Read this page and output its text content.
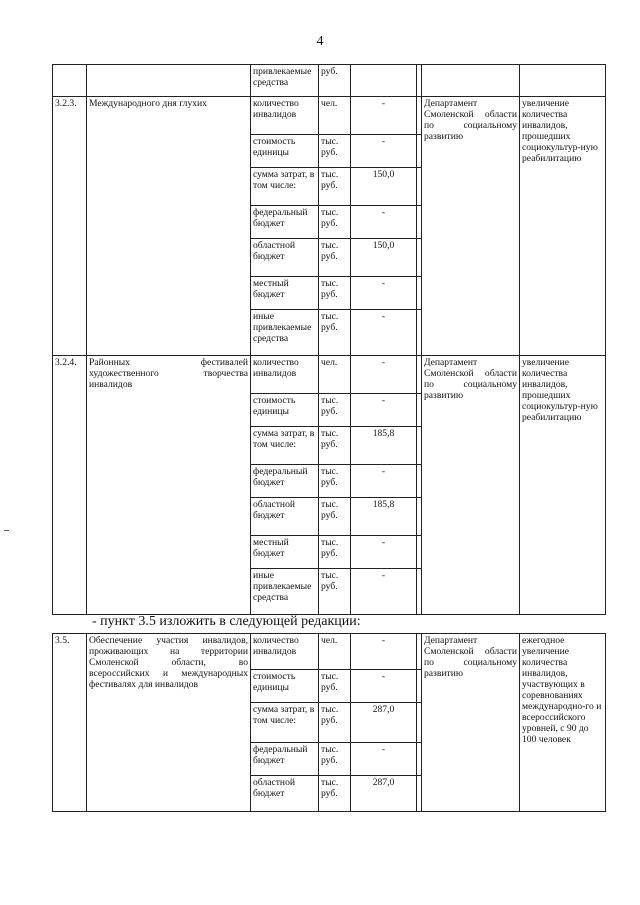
4
		привлекаемые средства	руб.				
3.2.3.	Международного дня глухих	количество инвалидов	чел.	-		Департамент Смоленской области по социальному развитию	увеличение количества инвалидов, прошедших социокультур-ную реабилитацию
		стоимость единицы	тыс. руб.	-			
		сумма затрат, в том числе:	тыс. руб.	150,0			
		федеральный бюджет	тыс. руб.	-			
		областной бюджет	тыс. руб.	150,0			
		местный бюджет	тыс. руб.	-			
		иные привлекаемые средства	тыс. руб.	-			
3.2.4.	Районных фестивалей художественного творчества инвалидов	количество инвалидов	чел.	-		Департамент Смоленской области по социальному развитию	увеличение количества инвалидов, прошедших социокультур-ную реабилитацию
		стоимость единицы	тыс. руб.	-			
		сумма затрат, в том числе:	тыс. руб.	185,8			
		федеральный бюджет	тыс. руб.	-			
		областной бюджет	тыс. руб.	185,8			
		местный бюджет	тыс. руб.	-			
		иные привлекаемые средства	тыс. руб.	-			
- пункт 3.5 изложить в следующей редакции:
3.5.	Обеспечение участия инвалидов, проживающих на территории Смоленской области, во всероссийских и международных фестивалях для инвалидов	количество инвалидов	чел.	-		Департамент Смоленской области по социальному развитию	ежегодное увеличение количества инвалидов, участвующих в соревнованиях международно-го и всероссийского уровней, с 90 до 100 человек
		стоимость единицы	тыс. руб.	-			
		сумма затрат, в том числе:	тыс. руб.	287,0			
		федеральный бюджет	тыс. руб.	-			
		областной бюджет	тыс. руб.	287,0			
